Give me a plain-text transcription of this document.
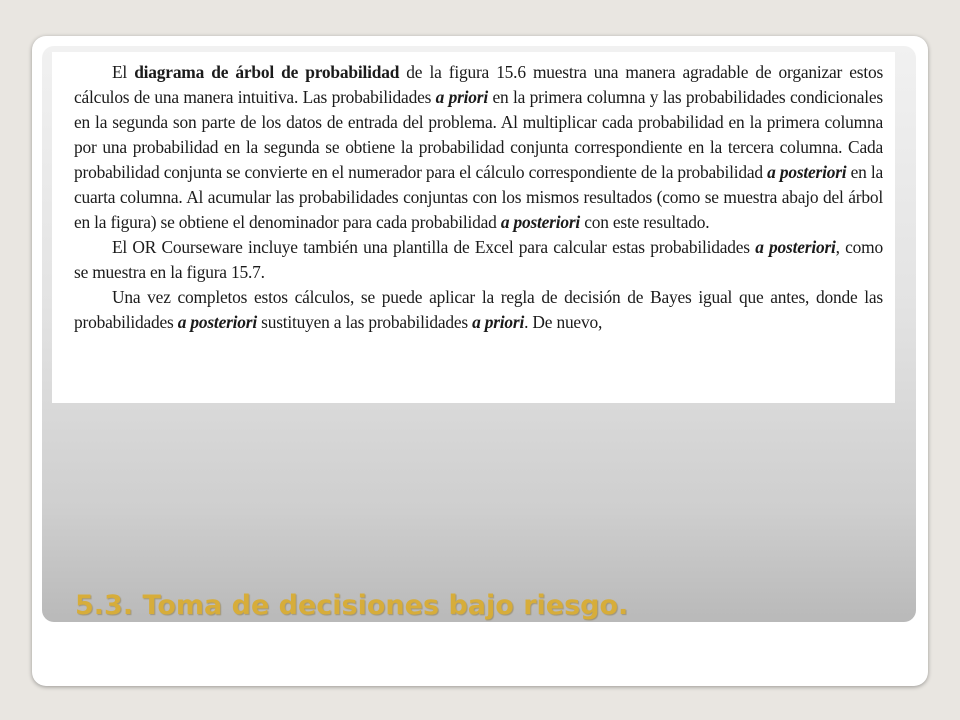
El diagrama de árbol de probabilidad de la figura 15.6 muestra una manera agradable de organizar estos cálculos de una manera intuitiva. Las probabilidades a priori en la primera columna y las probabilidades condicionales en la segunda son parte de los datos de entrada del problema. Al multiplicar cada probabilidad en la primera columna por una probabilidad en la segunda se obtiene la probabilidad conjunta correspondiente en la tercera columna. Cada probabilidad conjunta se convierte en el numerador para el cálculo correspondiente de la probabilidad a posteriori en la cuarta columna. Al acumular las probabilidades conjuntas con los mismos resultados (como se muestra abajo del árbol en la figura) se obtiene el denominador para cada probabilidad a posteriori con este resultado.

El OR Courseware incluye también una plantilla de Excel para calcular estas probabilidades a posteriori, como se muestra en la figura 15.7.

Una vez completos estos cálculos, se puede aplicar la regla de decisión de Bayes igual que antes, donde las probabilidades a posteriori sustituyen a las probabilidades a priori. De nuevo,

5.3. Toma de decisiones bajo riesgo.
